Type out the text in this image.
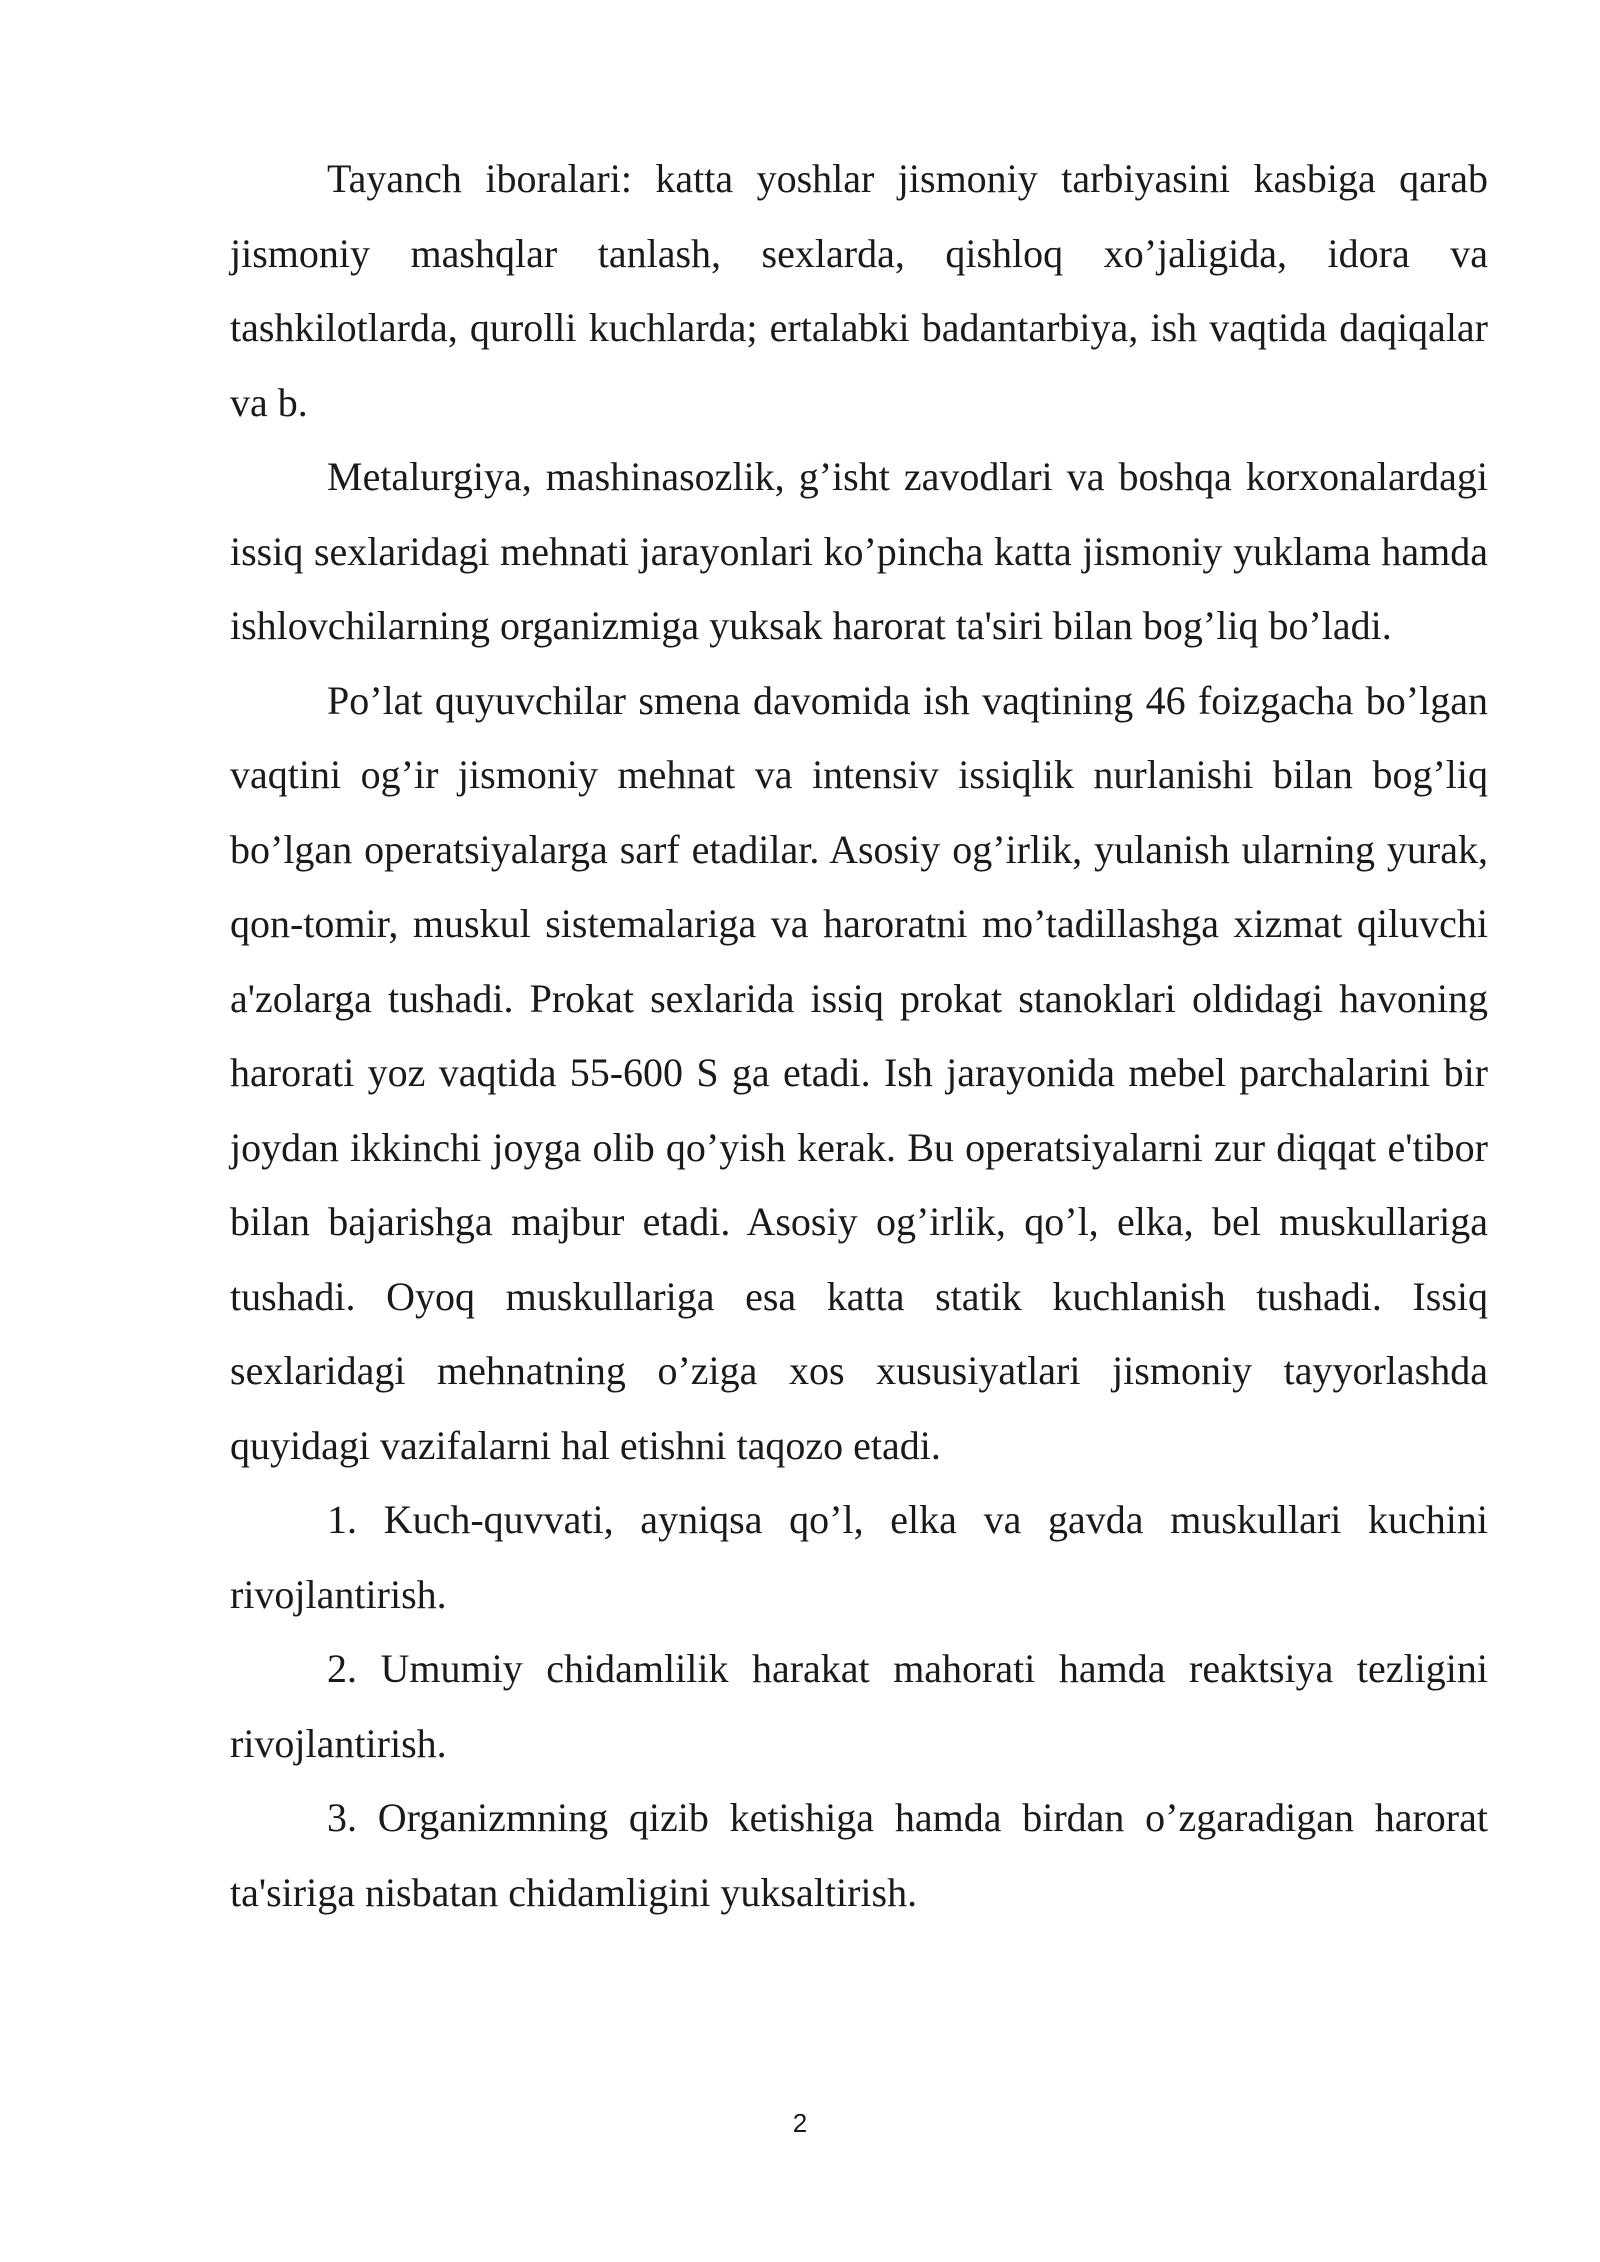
Tayanch iboralari: katta yoshlar jismoniy tarbiyasini kasbiga qarab jismoniy mashqlar tanlash, sexlarda, qishloq xo’jaligida, idora va tashkilotlarda, qurolli kuchlarda; ertalabki badantarbiya, ish vaqtida daqiqalar va b.

Metalurgiya, mashinasozlik, g’isht zavodlari va boshqa korxonalardagi issiq sexlaridagi mehnati jarayonlari ko’pincha katta jismoniy yuklama hamda ishlovchilarning organizmiga yuksak harorat ta'siri bilan bog’liq bo’ladi.

Po’lat quyuvchilar smena davomida ish vaqtining 46 foizgacha bo’lgan vaqtini og’ir jismoniy mehnat va intensiv issiqlik nurlanishi bilan bog’liq bo’lgan operatsiyalarga sarf etadilar. Asosiy og’irlik, yulanish ularning yurak, qon-tomir, muskul sistemalariga va haroratni mo’tadillashga xizmat qiluvchi a'zolarga tushadi. Prokat sexlarida issiq prokat stanoklari oldidagi havoning harorati yoz vaqtida 55-600 S ga etadi. Ish jarayonida mebel parchalarini bir joydan ikkinchi joyga olib qo’yish kerak. Bu operatsiyalarni zur diqqat e'tibor bilan bajarishga majbur etadi. Asosiy og’irlik, qo’l, elka, bel muskullariga tushadi. Oyoq muskullariga esa katta statik kuchlanish tushadi. Issiq sexlaridagi mehnatning o’ziga xos xususiyatlari jismoniy tayyorlashda quyidagi vazifalarni hal etishni taqozo etadi.

1. Kuch-quvvati, ayniqsa qo’l, elka va gavda muskullari kuchini rivojlantirish.

2. Umumiy chidamlilik harakat mahorati hamda reaktsiya tezligini rivojlantirish.

3. Organizmning qizib ketishiga hamda birdan o’zgaradigan harorat ta'siriga nisbatan chidamligini yuksaltirish.

2
